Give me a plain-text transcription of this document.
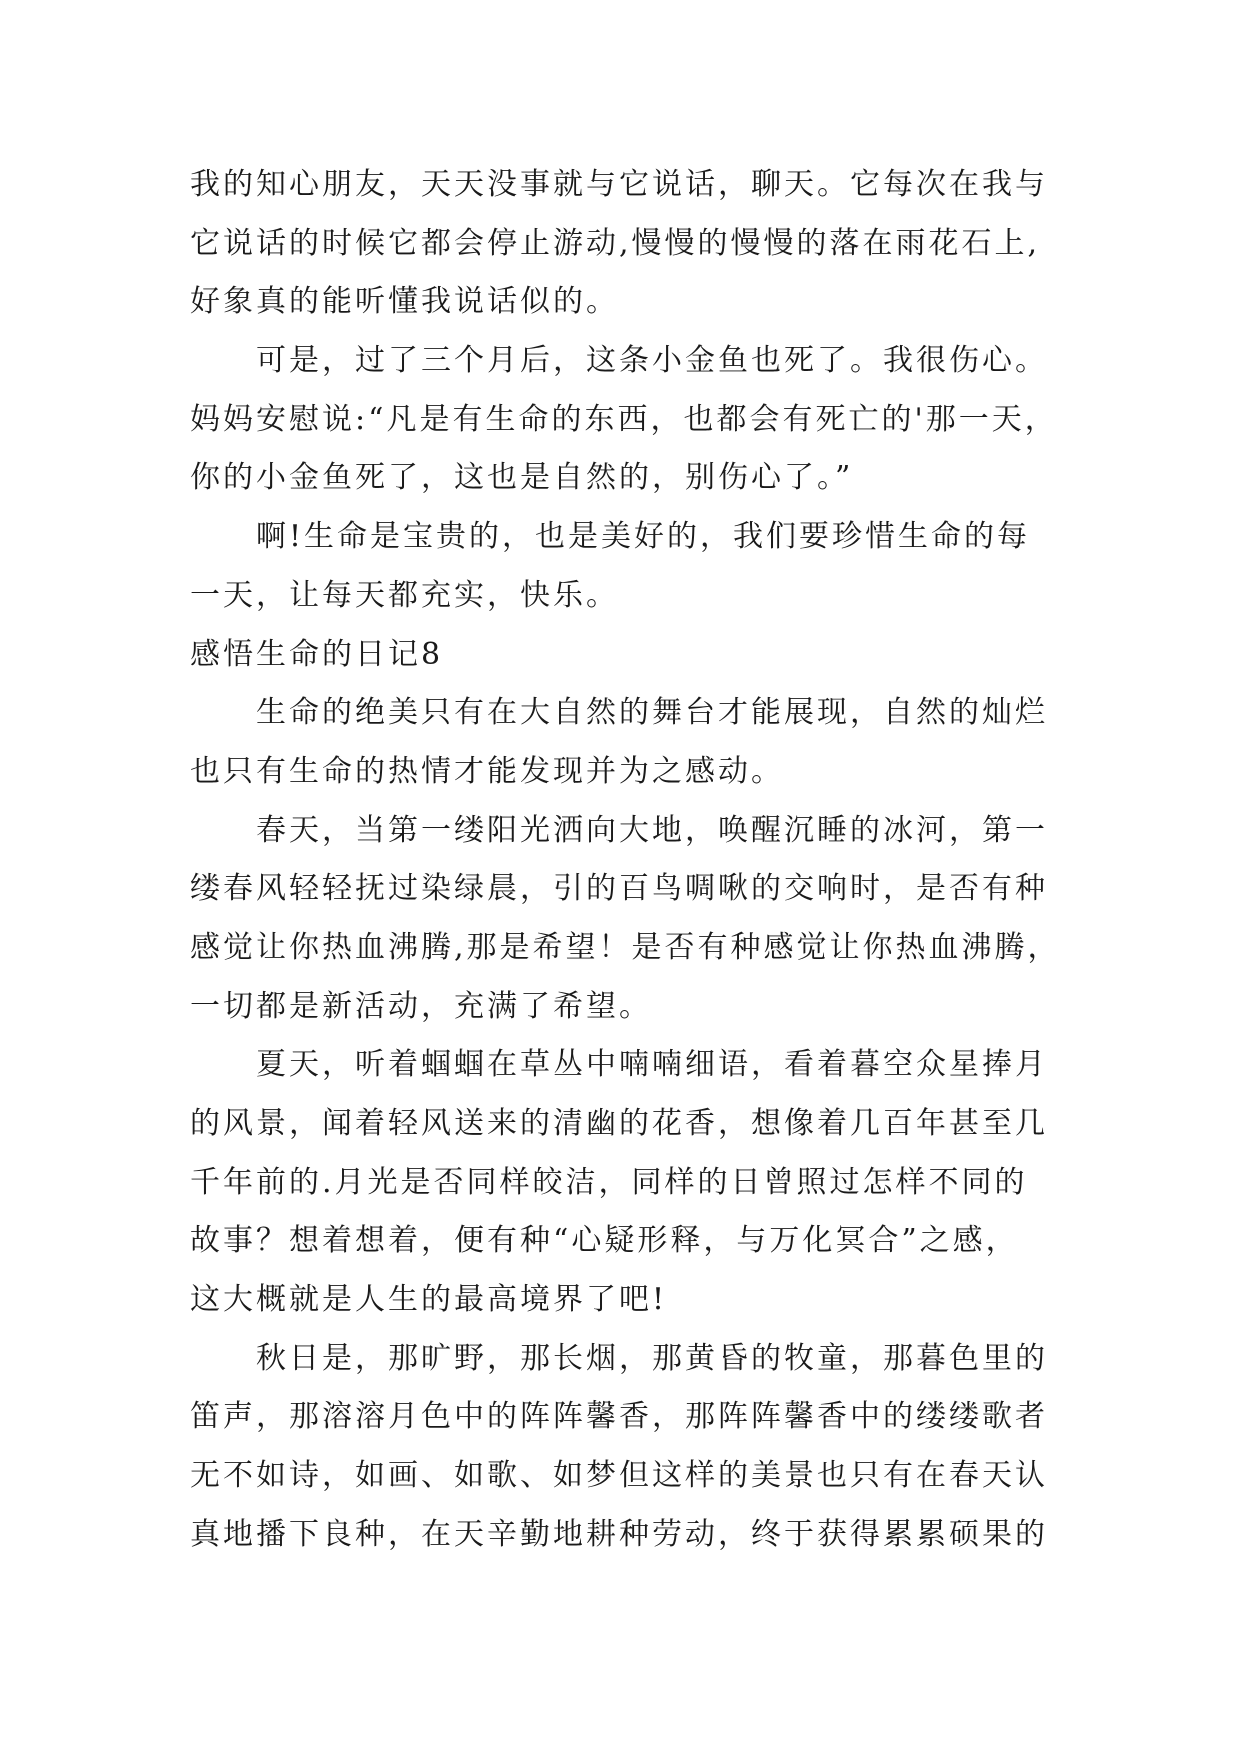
我的知心朋友，天天没事就与它说话，聊天。它每次在我与
它说话的时候它都会停止游动,慢慢的慢慢的落在雨花石上,
好象真的能听懂我说话似的。
可是，过了三个月后，这条小金鱼也死了。我很伤心。
妈妈安慰说:“凡是有生命的东西，也都会有死亡的'那一天，
你的小金鱼死了，这也是自然的，别伤心了。”
啊!生命是宝贵的，也是美好的，我们要珍惜生命的每
一天，让每天都充实，快乐。
感悟生命的日记8
生命的绝美只有在大自然的舞台才能展现，自然的灿烂
也只有生命的热情才能发现并为之感动。
春天，当第一缕阳光洒向大地，唤醒沉睡的冰河，第一
缕春风轻轻抚过染绿晨，引的百鸟啁啾的交响时，是否有种
感觉让你热血沸腾,那是希望！是否有种感觉让你热血沸腾，
一切都是新活动，充满了希望。
夏天，听着蝈蝈在草丛中喃喃细语，看着暮空众星捧月
的风景，闻着轻风送来的清幽的花香，想像着几百年甚至几
千年前的.月光是否同样皎洁，同样的日曾照过怎样不同的
故事？想着想着，便有种“心疑形释，与万化冥合”之感，
这大概就是人生的最高境界了吧!
秋日是，那旷野，那长烟，那黄昏的牧童，那暮色里的
笛声，那溶溶月色中的阵阵馨香，那阵阵馨香中的缕缕歌者
无不如诗，如画、如歌、如梦但这样的美景也只有在春天认
真地播下良种，在天辛勤地耕种劳动，终于获得累累硕果的
